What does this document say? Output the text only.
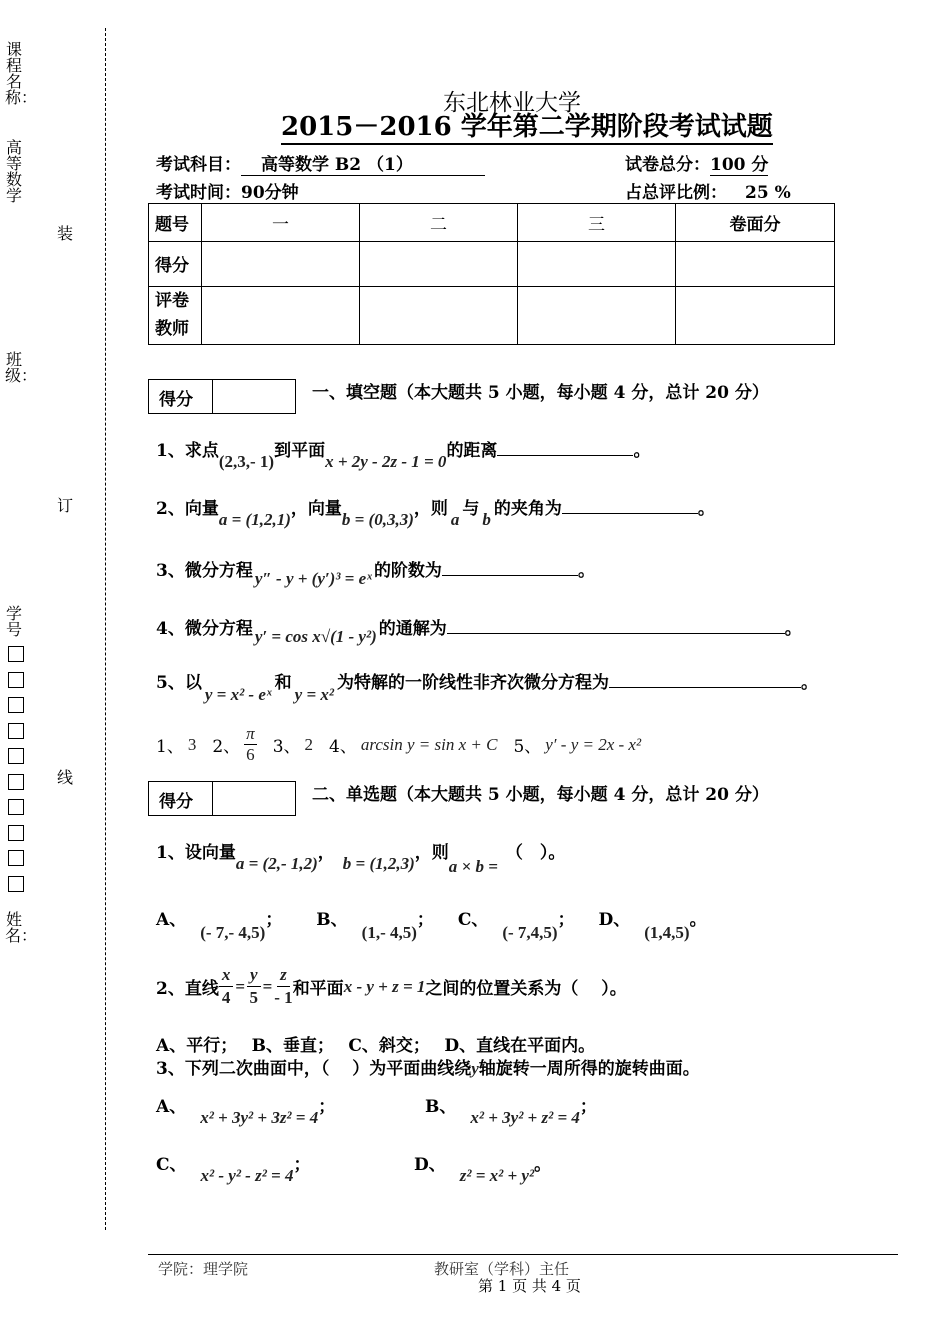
课程名称：
高等数学
装
班级：
订
学号
线
姓名：
东北林业大学
2015－2016 学年第二学期阶段考试试题
考试科目： 高等数学 B2 （1）	试卷总分：100 分
考试时间：90分钟	占总评比例： 25 %
题号	一	二	三	卷面分
得分				
评卷
教师				
得分	一、填空题（本大题共 5 小题，每小题 4 分，总计 20 分）
1、求点(2,3,- 1)到平面x + 2y - 2z - 1 = 0的距离	。
2、向量a = (1,2,1)，向量b = (0,3,3)，则a与b的夹角为	。
3、微分方程 y″ - y + (y′)³ = eˣ 的阶数为	。
4、微分方程 y′ = cos x√(1 - y²) 的通解为	。
5、以y = x² - eˣ和y = x²为特解的一阶线性非齐次微分方程为	。
1、 3 2、
π
6 3、 2 4、 arcsin y = sin x + C 5、 y′ - y = 2x - x²
得分	二、单选题（本大题共 5 小题，每小题 4 分，总计 20 分）
1、设向量a = (2,- 1,2)，b = (1,2,3)，则a × b =（　）。
A、(- 7,- 4,5)； B、(1,- 4,5)； C、(- 7,4,5)； D、(1,4,5)。
2、直线 $\frac{x}{4} = \frac{y}{5} = \frac{z}{- 1}$ 和平面 x - y + z = 1 之间的位置关系为（　 ）。
A、平行；　 B、垂直；　 C、斜交；　 D、直线在平面内。
3、下列二次曲面中，（　 ）为平面曲线绕y轴旋转一周所得的旋转曲面。
A、x² + 3y² + 3z² = 4；	B、x² + 3y² + z² = 4；
C、x² - y² - z² = 4；	D、z² = x² + y²。
学院：理学院	教研室（学科）主任
第 1 页 共 4 页
